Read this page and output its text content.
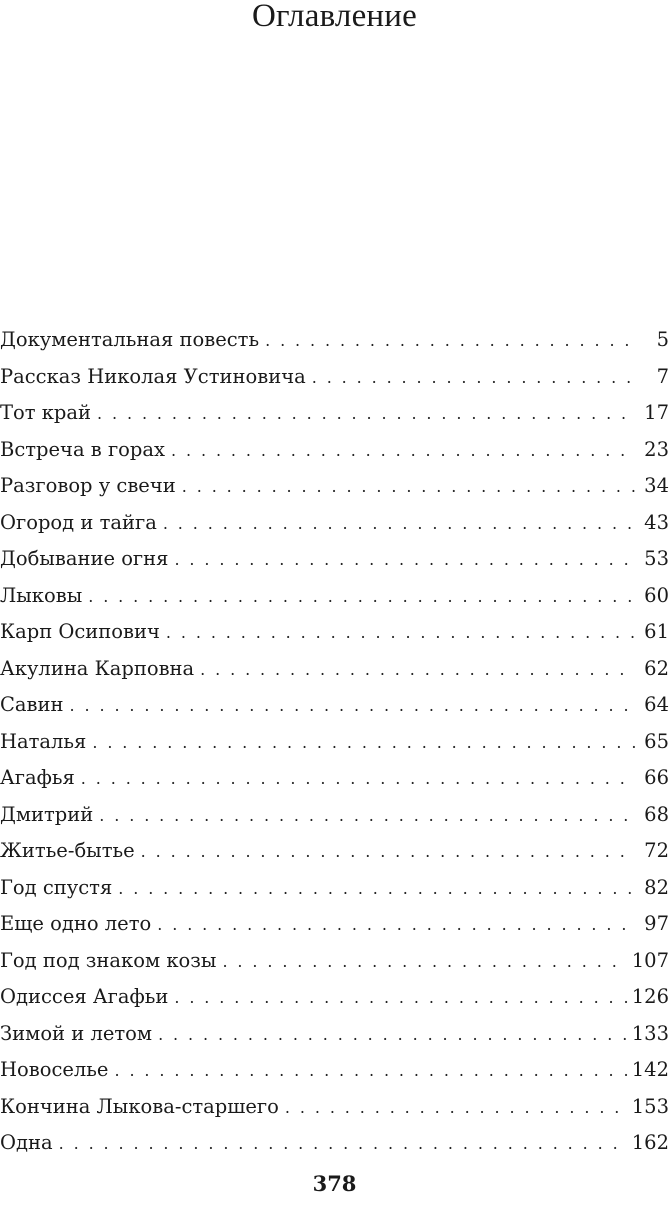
Оглавление
Документальная повесть . . .	5
Рассказ Николая Устиновича . . .	7
Тот край . . .	17
Встреча в горах . . .	23
Разговор у свечи . . .	34
Огород и тайга . . .	43
Добывание огня . . .	53
Лыковы . . .	60
Карп Осипович . . .	61
Акулина Карповна . . .	62
Савин . . .	64
Наталья . . .	65
Агафья . . .	66
Дмитрий . . .	68
Житье-бытье . . .	72
Год спустя . . .	82
Еще одно лето . . .	97
Год под знаком козы . . .	107
Одиссея Агафьи . . .	126
Зимой и летом . . .	133
Новоселье . . .	142
Кончина Лыкова-старшего . . .	153
Одна . . .	162
378
